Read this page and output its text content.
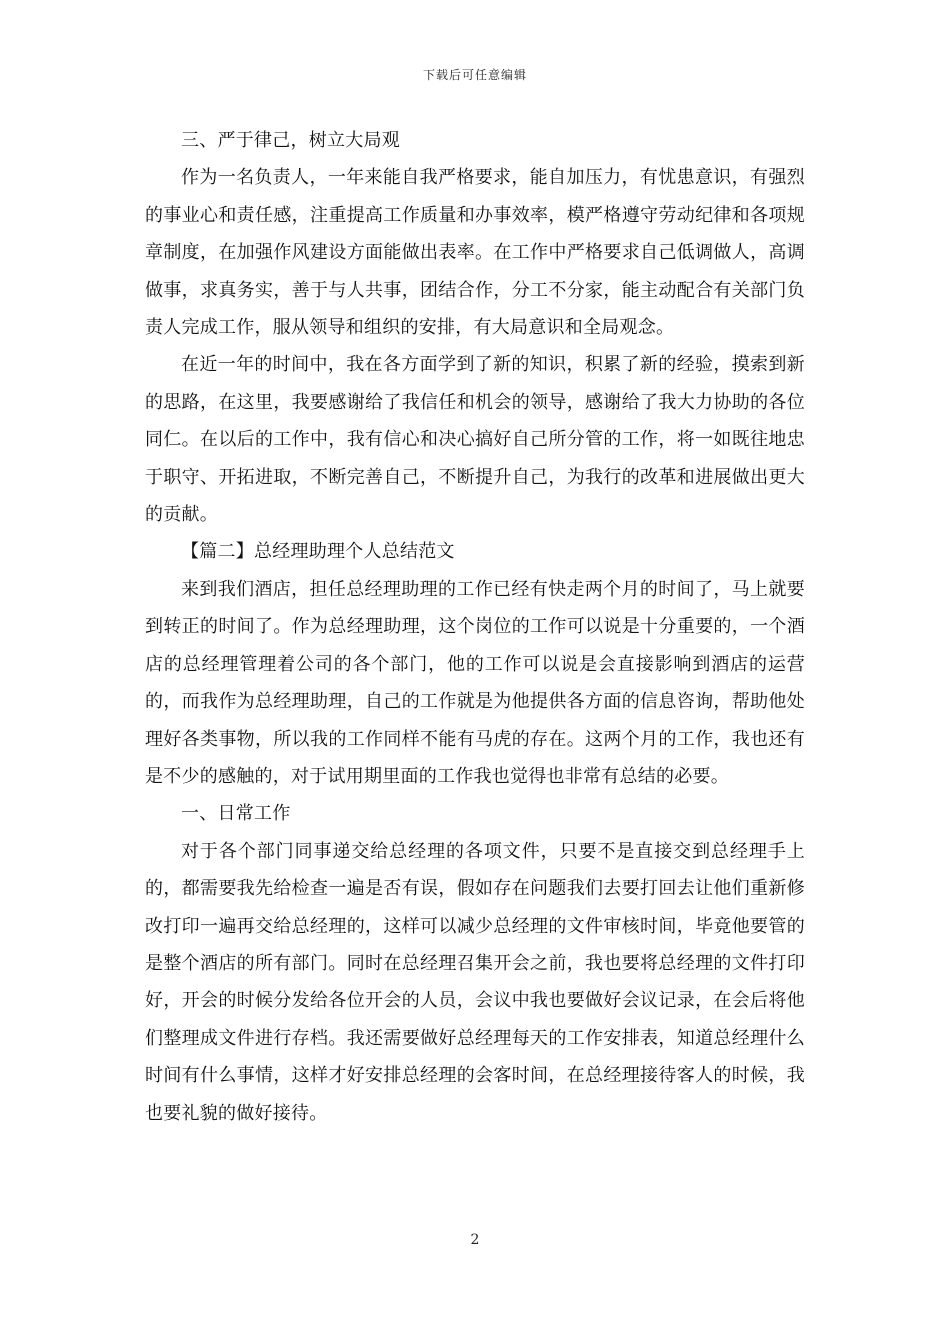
下载后可任意编辑

三、严于律己，树立大局观

作为一名负责人，一年来能自我严格要求，能自加压力，有忧患意识，有强烈的事业心和责任感，注重提高工作质量和办事效率，模严格遵守劳动纪律和各项规章制度，在加强作风建设方面能做出表率。在工作中严格要求自己低调做人，高调做事，求真务实，善于与人共事，团结合作，分工不分家，能主动配合有关部门负责人完成工作，服从领导和组织的安排，有大局意识和全局观念。

在近一年的时间中，我在各方面学到了新的知识，积累了新的经验，摸索到新的思路，在这里，我要感谢给了我信任和机会的领导，感谢给了我大力协助的各位同仁。在以后的工作中，我有信心和决心搞好自己所分管的工作，将一如既往地忠于职守、开拓进取，不断完善自己，不断提升自己，为我行的改革和进展做出更大的贡献。

【篇二】总经理助理个人总结范文

来到我们酒店，担任总经理助理的工作已经有快走两个月的时间了，马上就要到转正的时间了。作为总经理助理，这个岗位的工作可以说是十分重要的，一个酒店的总经理管理着公司的各个部门，他的工作可以说是会直接影响到酒店的运营的，而我作为总经理助理，自己的工作就是为他提供各方面的信息咨询，帮助他处理好各类事物，所以我的工作同样不能有马虎的存在。这两个月的工作，我也还有是不少的感触的，对于试用期里面的工作我也觉得也非常有总结的必要。

一、日常工作

对于各个部门同事递交给总经理的各项文件，只要不是直接交到总经理手上的，都需要我先给检查一遍是否有误，假如存在问题我们去要打回去让他们重新修改打印一遍再交给总经理的，这样可以减少总经理的文件审核时间，毕竟他要管的是整个酒店的所有部门。同时在总经理召集开会之前，我也要将总经理的文件打印好，开会的时候分发给各位开会的人员，会议中我也要做好会议记录，在会后将他们整理成文件进行存档。我还需要做好总经理每天的工作安排表，知道总经理什么时间有什么事情，这样才好安排总经理的会客时间，在总经理接待客人的时候，我也要礼貌的做好接待。

2
